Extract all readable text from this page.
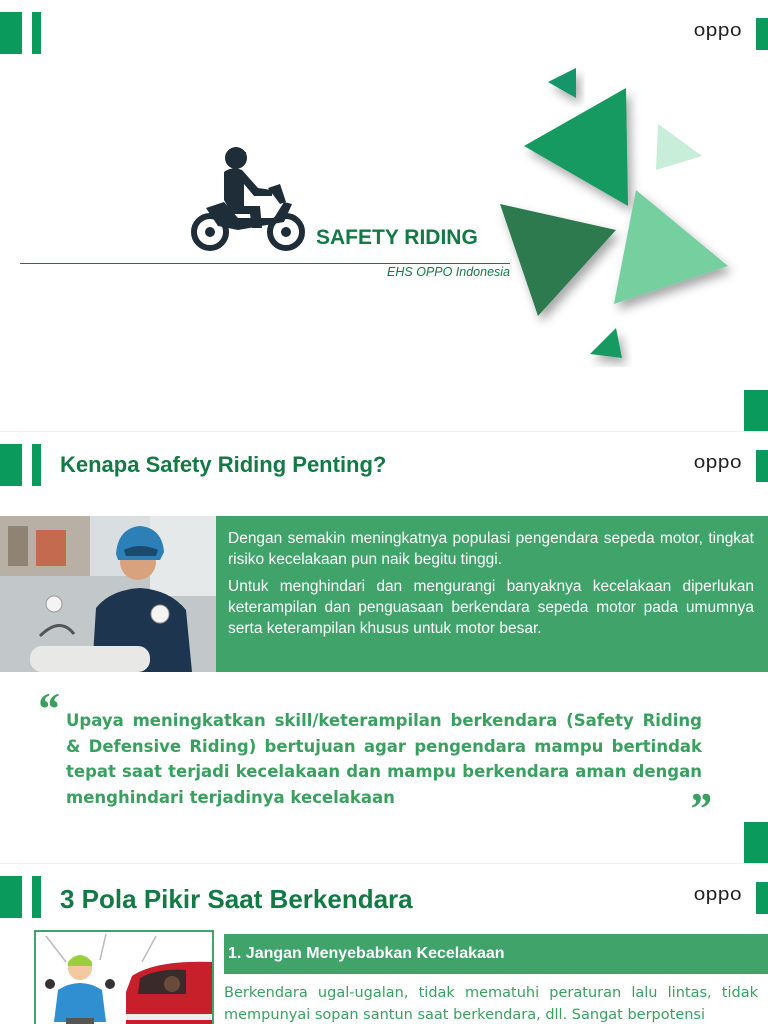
oppo
SAFETY RIDING
EHS OPPO Indonesia
Kenapa Safety Riding Penting?	oppo

Dengan semakin meningkatnya populasi pengendara sepeda motor, tingkat risiko kecelakaan pun naik begitu tinggi.

Untuk menghindari dan mengurangi banyaknya kecelakaan diperlukan keterampilan dan penguasaan berkendara sepeda motor pada umumnya serta keterampilan khusus untuk motor besar.

“ Upaya meningkatkan skill/keterampilan berkendara (Safety Riding & Defensive Riding) bertujuan agar pengendara mampu bertindak tepat saat terjadi kecelakaan dan mampu berkendara aman dengan menghindari terjadinya kecelakaan	”
3 Pola Pikir Saat Berkendara	oppo
1. Jangan Menyebabkan Kecelakaan
Berkendara ugal-ugalan, tidak mematuhi peraturan lalu lintas, tidak mempunyai sopan santun saat berkendara, dll. Sangat berpotensi
